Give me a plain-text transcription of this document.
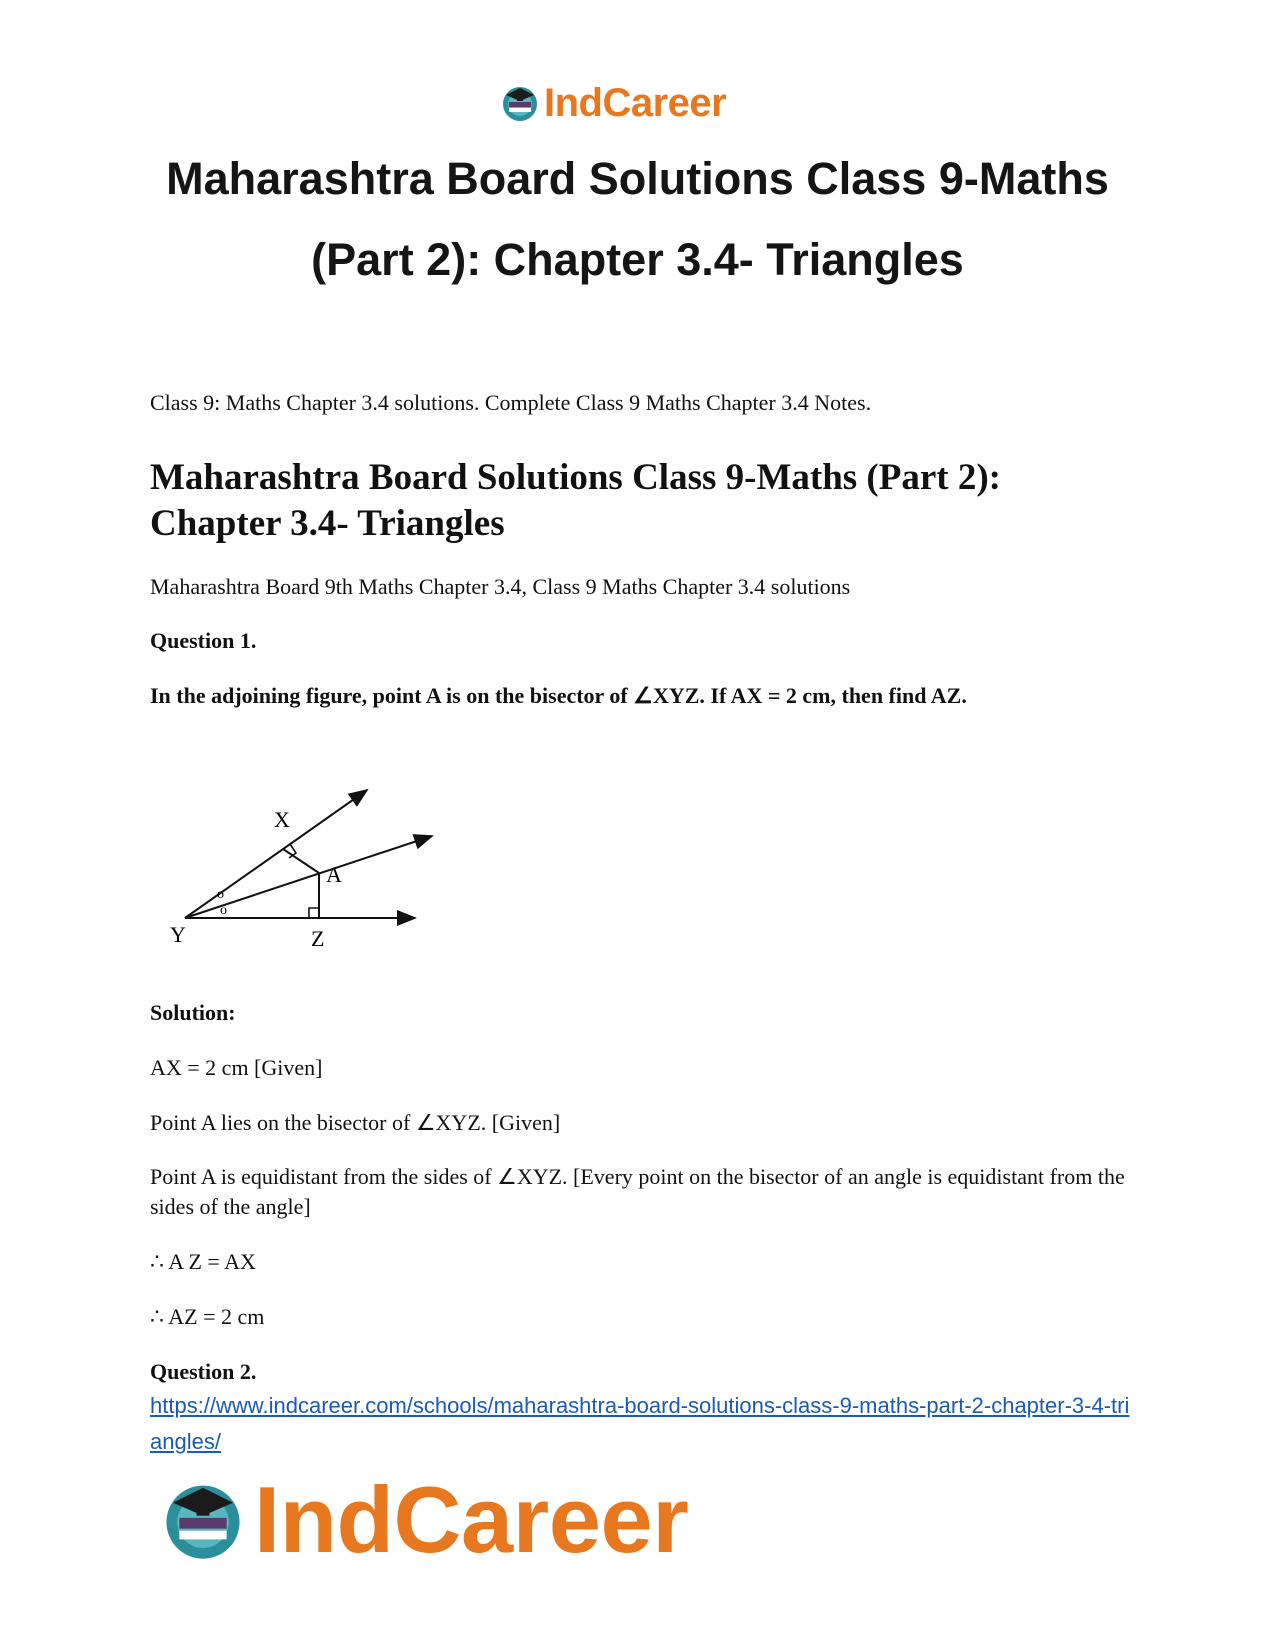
IndCareer
Maharashtra Board Solutions Class 9-Maths
(Part 2): Chapter 3.4- Triangles

Class 9: Maths Chapter 3.4 solutions. Complete Class 9 Maths Chapter 3.4 Notes.

Maharashtra Board Solutions Class 9-Maths (Part 2): Chapter 3.4- Triangles

Maharashtra Board 9th Maths Chapter 3.4, Class 9 Maths Chapter 3.4 solutions

Question 1.

In the adjoining figure, point A is on the bisector of ∠XYZ. If AX = 2 cm, then find AZ.

X
A
Y	Z
o
o

Solution:

AX = 2 cm [Given]

Point A lies on the bisector of ∠XYZ. [Given]

Point A is equidistant from the sides of ∠XYZ. [Every point on the bisector of an angle is equidistant from the sides of the angle]

∴ A Z = AX

∴ AZ = 2 cm

Question 2.

https://www.indcareer.com/schools/maharashtra-board-solutions-class-9-maths-part-2-chapter-3-4-triangles/
IndCareer
